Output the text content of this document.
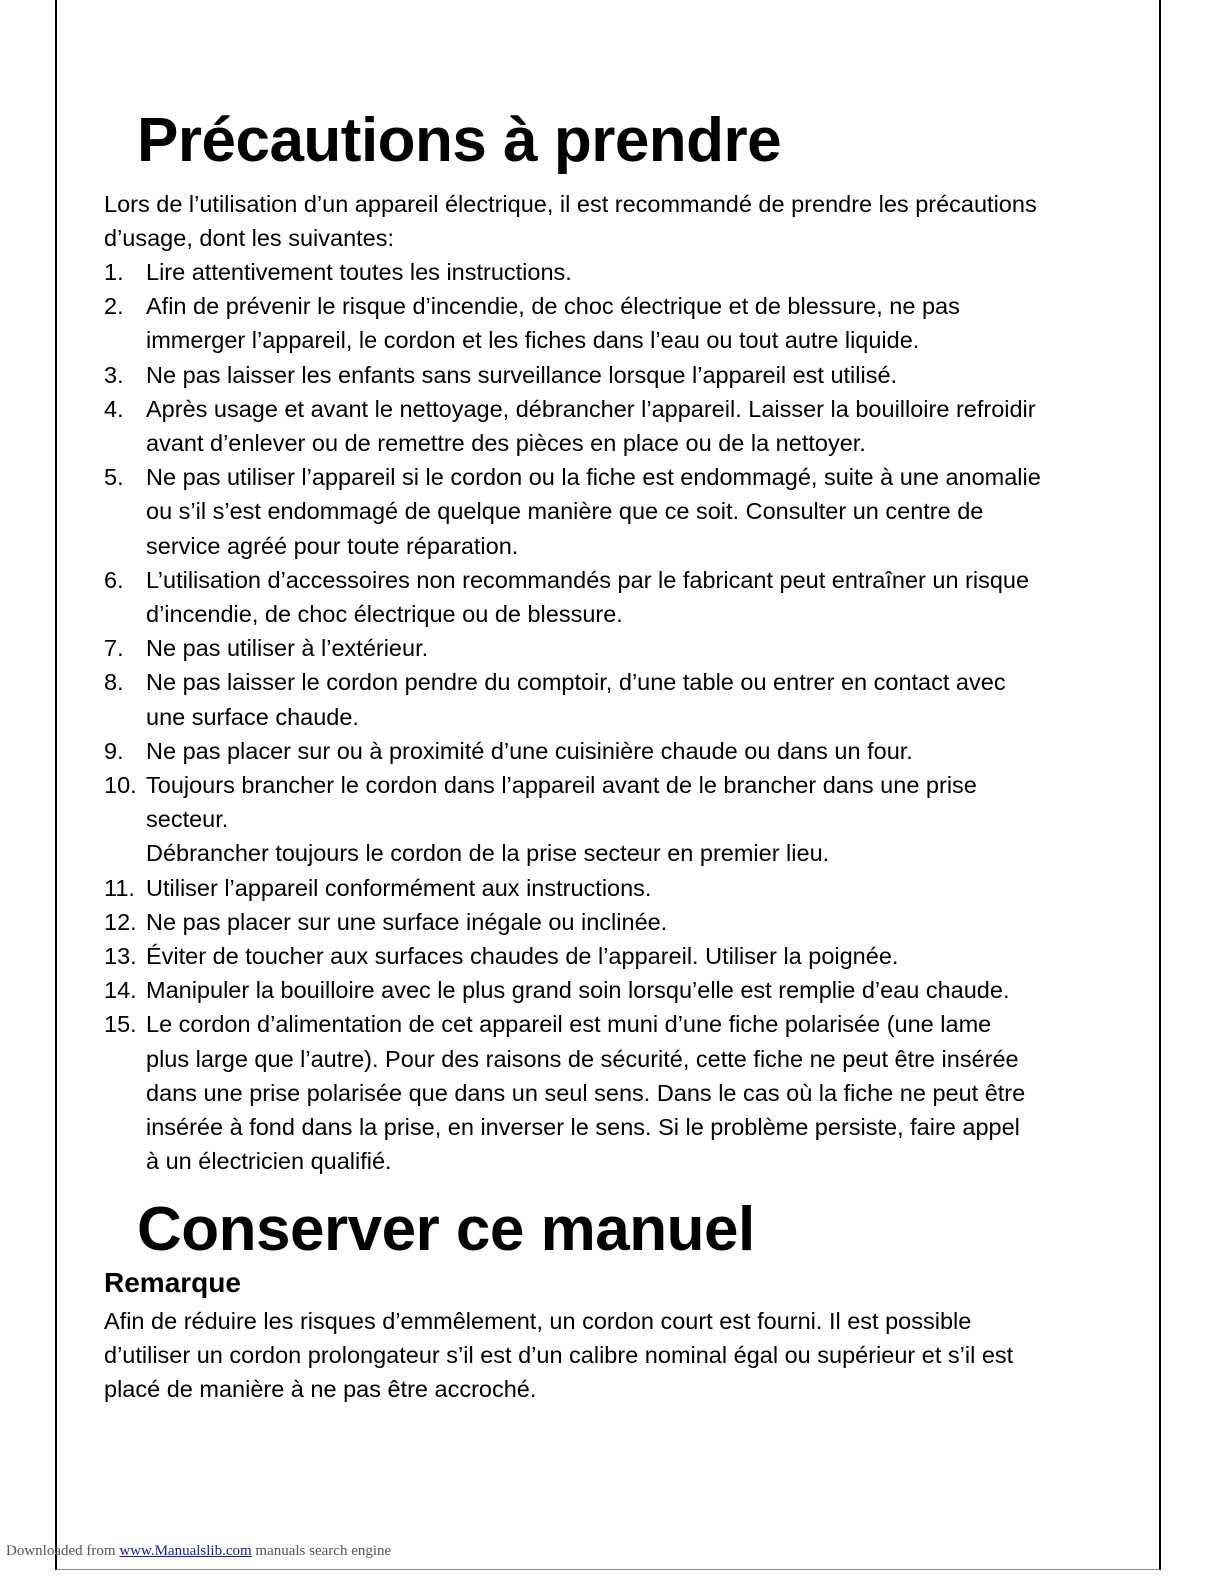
Précautions à prendre

Lors de l’utilisation d’un appareil électrique, il est recommandé de prendre les précautions

d’usage, dont les suivantes:

1. Lire attentivement toutes les instructions.
2. Afin de prévenir le risque d’incendie, de choc électrique et de blessure, ne pas
immerger l’appareil, le cordon et les fiches dans l’eau ou tout autre liquide.
3. Ne pas laisser les enfants sans surveillance lorsque l’appareil est utilisé.
4. Après usage et avant le nettoyage, débrancher l’appareil. Laisser la bouilloire refroidir
avant d’enlever ou de remettre des pièces en place ou de la nettoyer.
5. Ne pas utiliser l’appareil si le cordon ou la fiche est endommagé, suite à une anomalie
ou s’il s’est endommagé de quelque manière que ce soit. Consulter un centre de
service agréé pour toute réparation.
6. L’utilisation d’accessoires non recommandés par le fabricant peut entraîner un risque
d’incendie, de choc électrique ou de blessure.
7. Ne pas utiliser à l’extérieur.
8. Ne pas laisser le cordon pendre du comptoir, d’une table ou entrer en contact avec
une surface chaude.
9. Ne pas placer sur ou à proximité d’une cuisinière chaude ou dans un four.
10. Toujours brancher le cordon dans l’appareil avant de le brancher dans une prise
secteur.
Débrancher toujours le cordon de la prise secteur en premier lieu.
11. Utiliser l’appareil conformément aux instructions.
12. Ne pas placer sur une surface inégale ou inclinée.
13. Éviter de toucher aux surfaces chaudes de l’appareil. Utiliser la poignée.
14. Manipuler la bouilloire avec le plus grand soin lorsqu’elle est remplie d’eau chaude.
15. Le cordon d’alimentation de cet appareil est muni d’une fiche polarisée (une lame
plus large que l’autre). Pour des raisons de sécurité, cette fiche ne peut être insérée
dans une prise polarisée que dans un seul sens. Dans le cas où la fiche ne peut être
insérée à fond dans la prise, en inverser le sens. Si le problème persiste, faire appel
à un électricien qualifié.
Conserver ce manuel
Remarque

Afin de réduire les risques d’emmêlement, un cordon court est fourni. Il est possible

d’utiliser un cordon prolongateur s’il est d’un calibre nominal égal ou supérieur et s’il est

placé de manière à ne pas être accroché.

Downloaded from www.Manualslib.com manuals search engine
